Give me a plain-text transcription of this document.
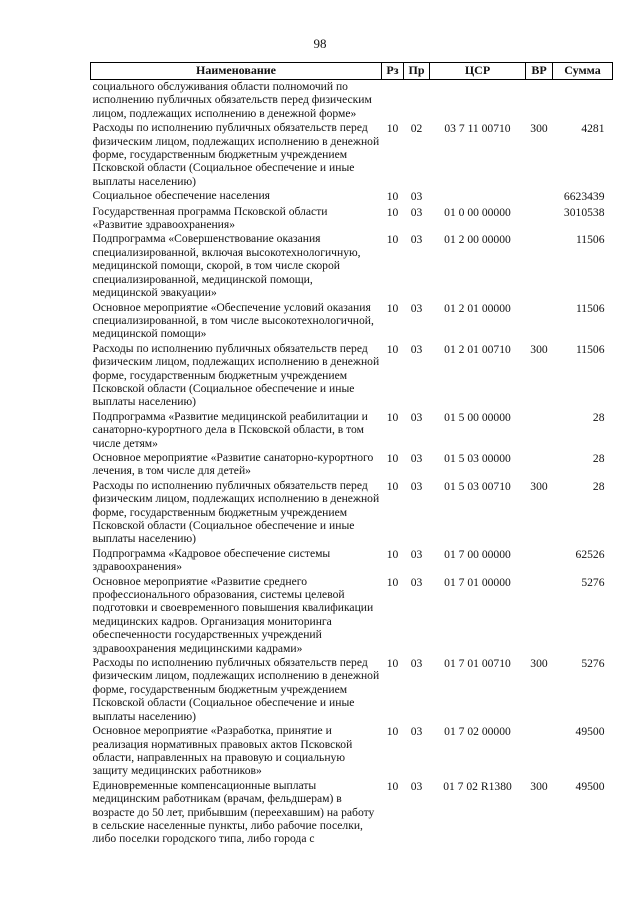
98
Наименование	Рз	Пр	ЦСР	ВР	Сумма
социального обслуживания области полномочий по исполнению публичных обязательств перед физическим лицом, подлежащих исполнению в денежной форме»					
Расходы по исполнению публичных обязательств перед физическим лицом, подлежащих исполнению в денежной форме, государственным бюджетным учреждением Псковской области (Социальное обеспечение и иные выплаты населению)	10	02	03 7 11 00710	300	4281
Социальное обеспечение населения	10	03			6623439
Государственная программа Псковской области «Развитие здравоохранения»	10	03	01 0 00 00000		3010538
Подпрограмма «Совершенствование оказания специализированной, включая высокотехнологичную, медицинской помощи, скорой, в том числе скорой специализированной, медицинской помощи, медицинской эвакуации»	10	03	01 2 00 00000		11506
Основное мероприятие «Обеспечение условий оказания специализированной, в том числе высокотехнологичной, медицинской помощи»	10	03	01 2 01 00000		11506
Расходы по исполнению публичных обязательств перед физическим лицом, подлежащих исполнению в денежной форме, государственным бюджетным учреждением Псковской области (Социальное обеспечение и иные выплаты населению)	10	03	01 2 01 00710	300	11506
Подпрограмма «Развитие медицинской реабилитации и санаторно-курортного дела в Псковской области, в том числе детям»	10	03	01 5 00 00000		28
Основное мероприятие «Развитие санаторно-курортного лечения, в том числе для детей»	10	03	01 5 03 00000		28
Расходы по исполнению публичных обязательств перед физическим лицом, подлежащих исполнению в денежной форме, государственным бюджетным учреждением Псковской области (Социальное обеспечение и иные выплаты населению)	10	03	01 5 03 00710	300	28
Подпрограмма «Кадровое обеспечение системы здравоохранения»	10	03	01 7 00 00000		62526
Основное мероприятие «Развитие среднего профессионального образования, системы целевой подготовки и своевременного повышения квалификации медицинских кадров. Организация мониторинга обеспеченности государственных учреждений здравоохранения медицинскими кадрами»	10	03	01 7 01 00000		5276
Расходы по исполнению публичных обязательств перед физическим лицом, подлежащих исполнению в денежной форме, государственным бюджетным учреждением Псковской области (Социальное обеспечение и иные выплаты населению)	10	03	01 7 01 00710	300	5276
Основное мероприятие «Разработка, принятие и реализация нормативных правовых актов Псковской области, направленных на правовую и социальную защиту медицинских работников»	10	03	01 7 02 00000		49500
Единовременные компенсационные выплаты медицинским работникам (врачам, фельдшерам) в возрасте до 50 лет, прибывшим (переехавшим) на работу в сельские населенные пункты, либо рабочие поселки, либо поселки городского типа, либо города с	10	03	01 7 02 R1380	300	49500
